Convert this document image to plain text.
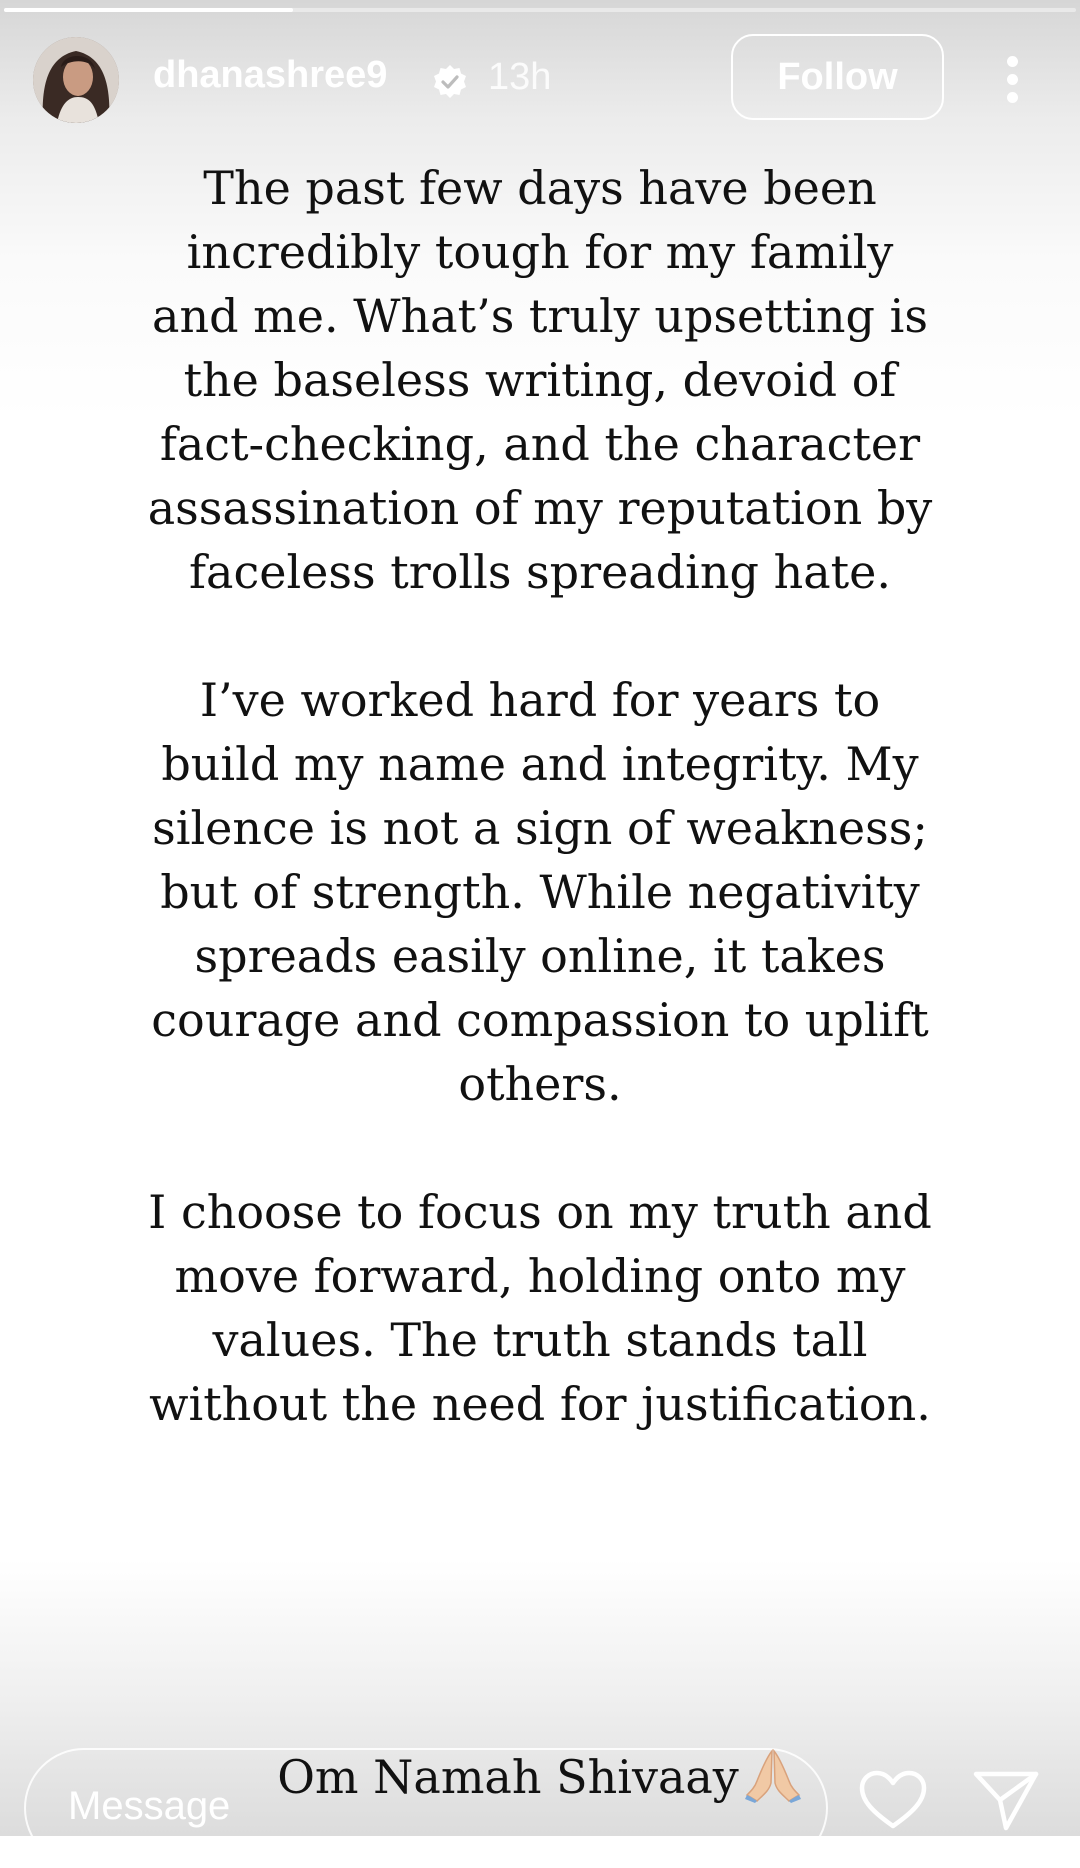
dhanashree9	13h	Follow

The past few days have been incredibly tough for my family and me. What’s truly upsetting is the baseless writing, devoid of fact-checking, and the character assassination of my reputation by faceless trolls spreading hate.

I’ve worked hard for years to build my name and integrity. My silence is not a sign of weakness; but of strength. While negativity spreads easily online, it takes courage and compassion to uplift others.

I choose to focus on my truth and move forward, holding onto my values. The truth stands tall without the need for justification.

Message
Om Namah Shivaay
